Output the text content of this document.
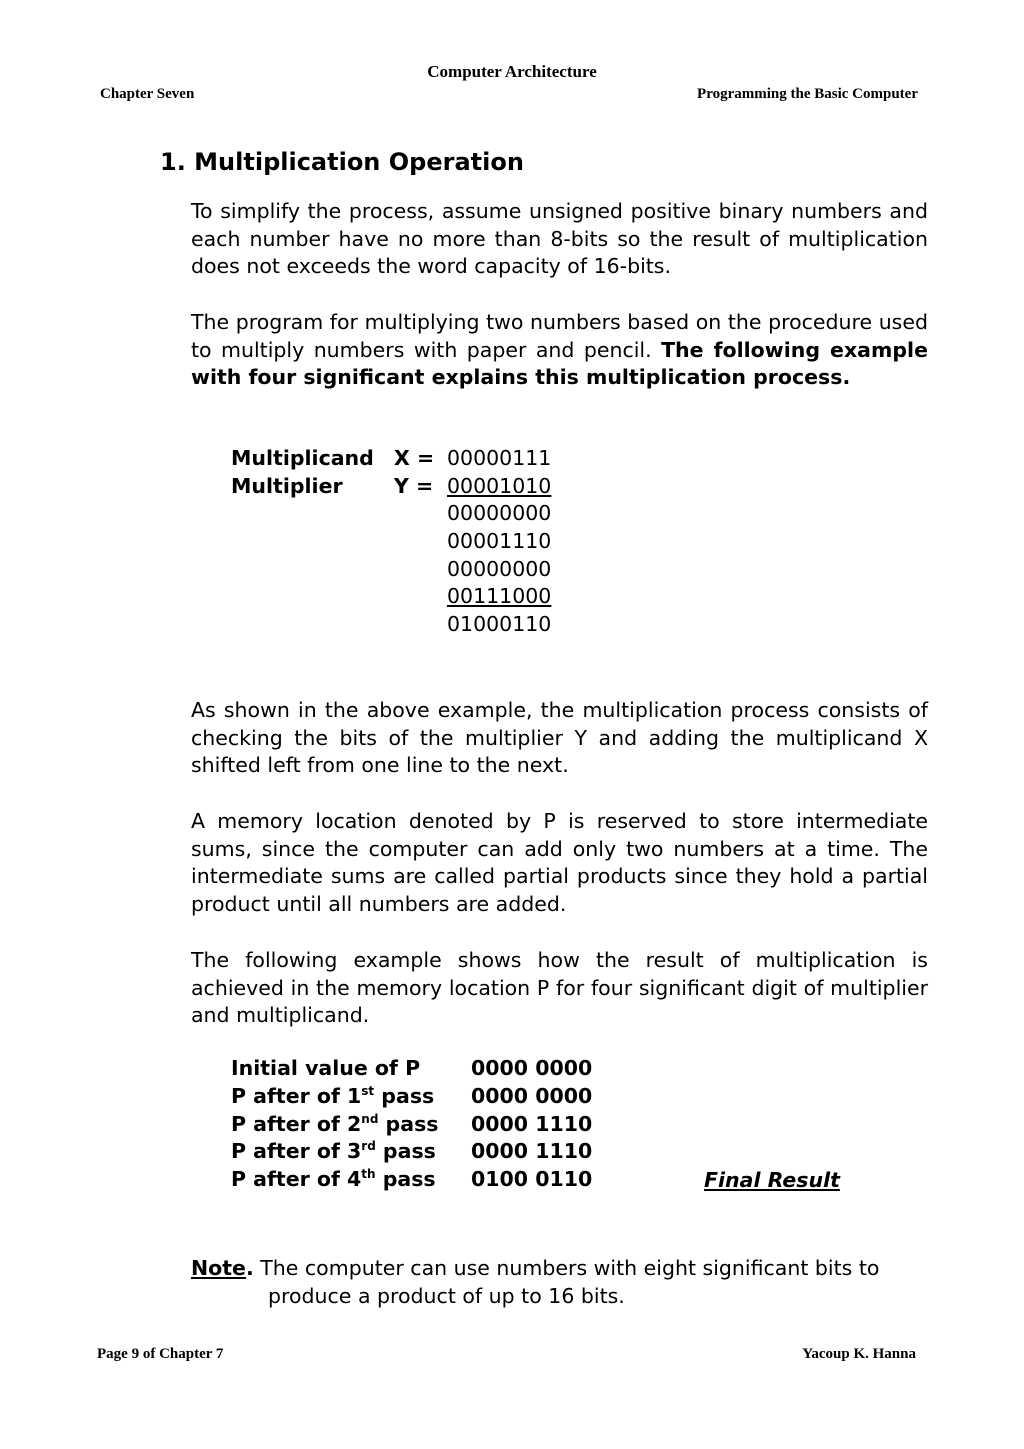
Computer Architecture
Chapter Seven	Programming the Basic Computer
1. Multiplication Operation
To simplify the process, assume unsigned positive binary numbers and each number have no more than 8-bits so the result of multiplication does not exceeds the word capacity of 16-bits.
The program for multiplying two numbers based on the procedure used to multiply numbers with paper and pencil. The following example with four significant explains this multiplication process.
Multiplicand X = 00000111
Multiplier	Y = 00001010
00000000
00001110
00000000
00111000
01000110
As shown in the above example, the multiplication process consists of checking the bits of the multiplier Y and adding the multiplicand X shifted left from one line to the next.
A memory location denoted by P is reserved to store intermediate sums, since the computer can add only two numbers at a time. The intermediate sums are called partial products since they hold a partial product until all numbers are added.
The following example shows how the result of multiplication is achieved in the memory location P for four significant digit of multiplier and multiplicand.
Initial value of P 0000 0000
P after of 1st pass 0000 0000
P after of 2nd pass 0000 1110
P after of 3rd pass 0000 1110
P after of 4th pass 0100 0110	Final Result
Note. The computer can use numbers with eight significant bits to
produce a product of up to 16 bits.
Page 9 of Chapter 7	Yacoup K. Hanna
